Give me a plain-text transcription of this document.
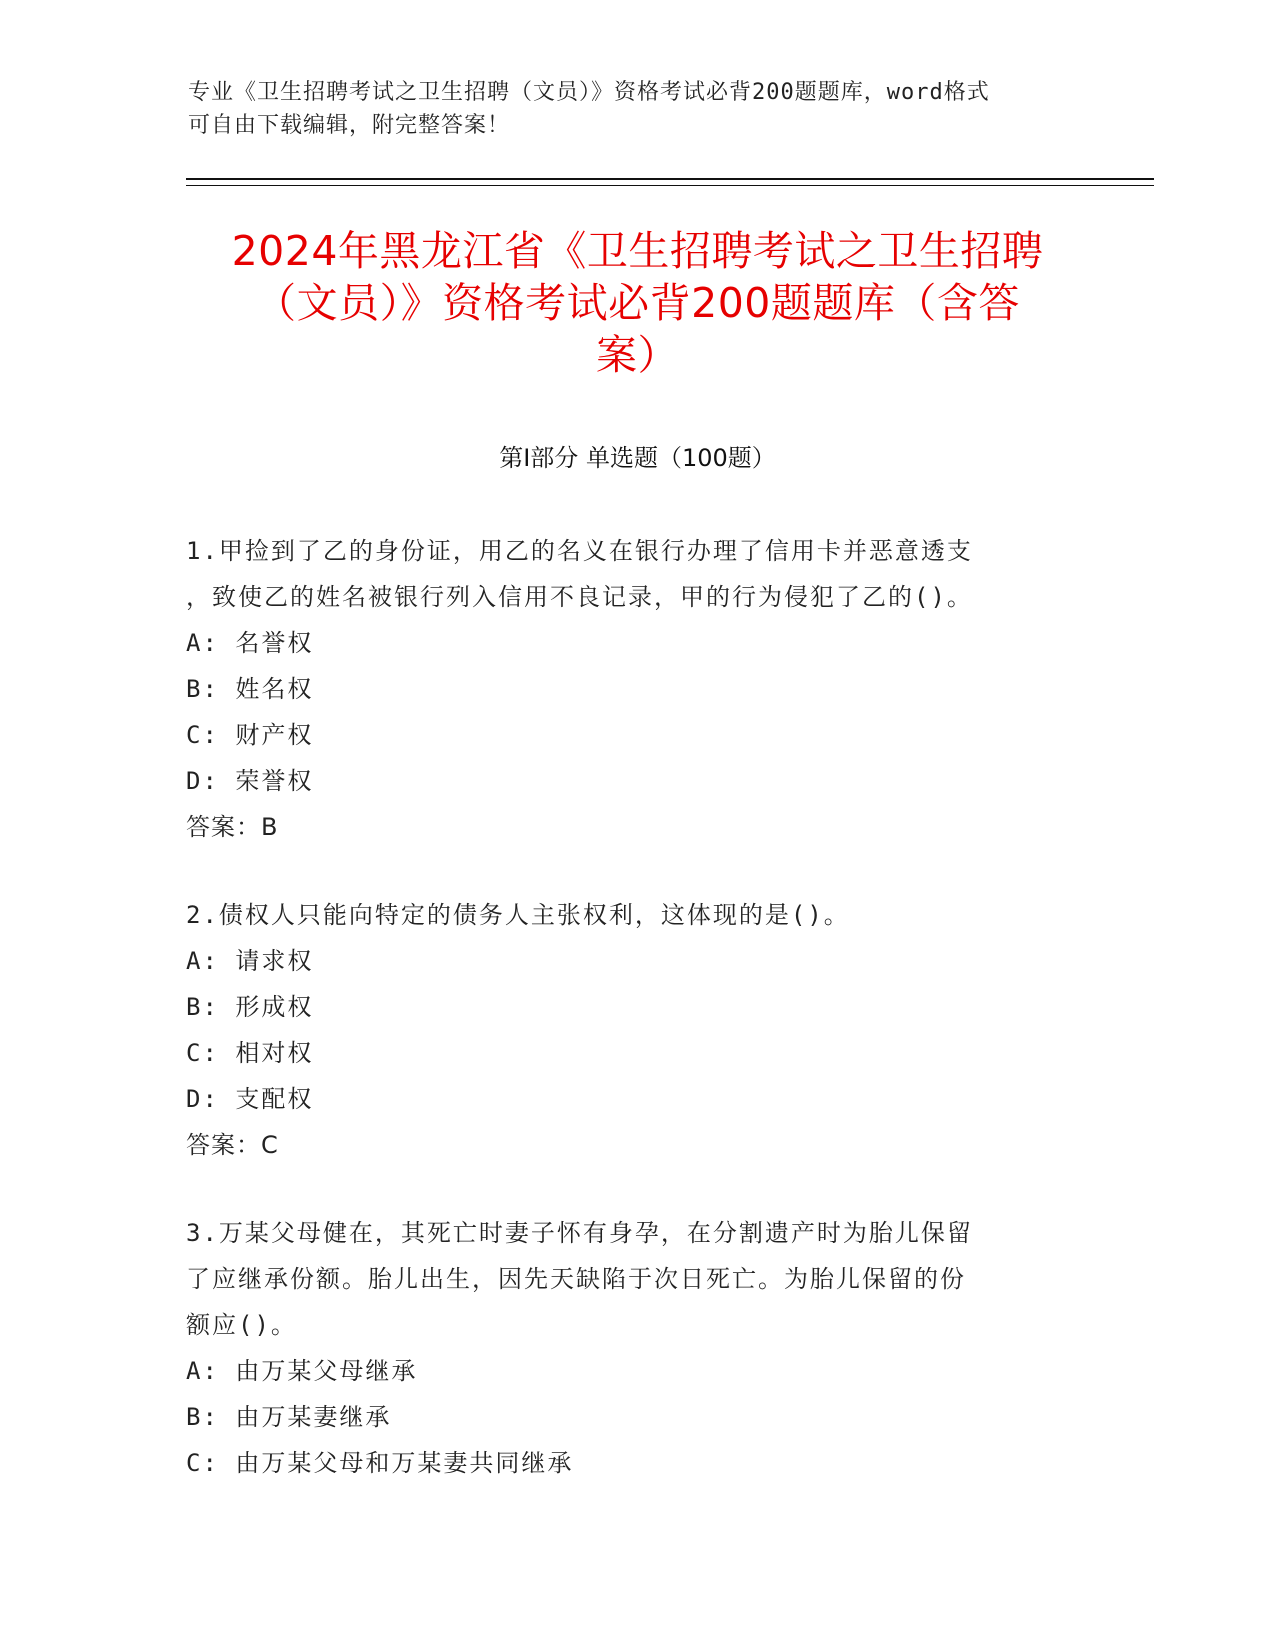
专业《卫生招聘考试之卫生招聘（文员）》资格考试必背200题题库，word格式
可自由下载编辑，附完整答案！
2024年黑龙江省《卫生招聘考试之卫生招聘
（文员）》资格考试必背200题题库（含答
案）
第Ⅰ部分 单选题（100题）
1.甲捡到了乙的身份证，用乙的名义在银行办理了信用卡并恶意透支
，致使乙的姓名被银行列入信用不良记录，甲的行为侵犯了乙的()。
A: 名誉权
B: 姓名权
C: 财产权
D: 荣誉权
答案：B
2.债权人只能向特定的债务人主张权利，这体现的是()。
A: 请求权
B: 形成权
C: 相对权
D: 支配权
答案：C
3.万某父母健在，其死亡时妻子怀有身孕，在分割遗产时为胎儿保留
了应继承份额。胎儿出生，因先天缺陷于次日死亡。为胎儿保留的份
额应()。
A: 由万某父母继承
B: 由万某妻继承
C: 由万某父母和万某妻共同继承
